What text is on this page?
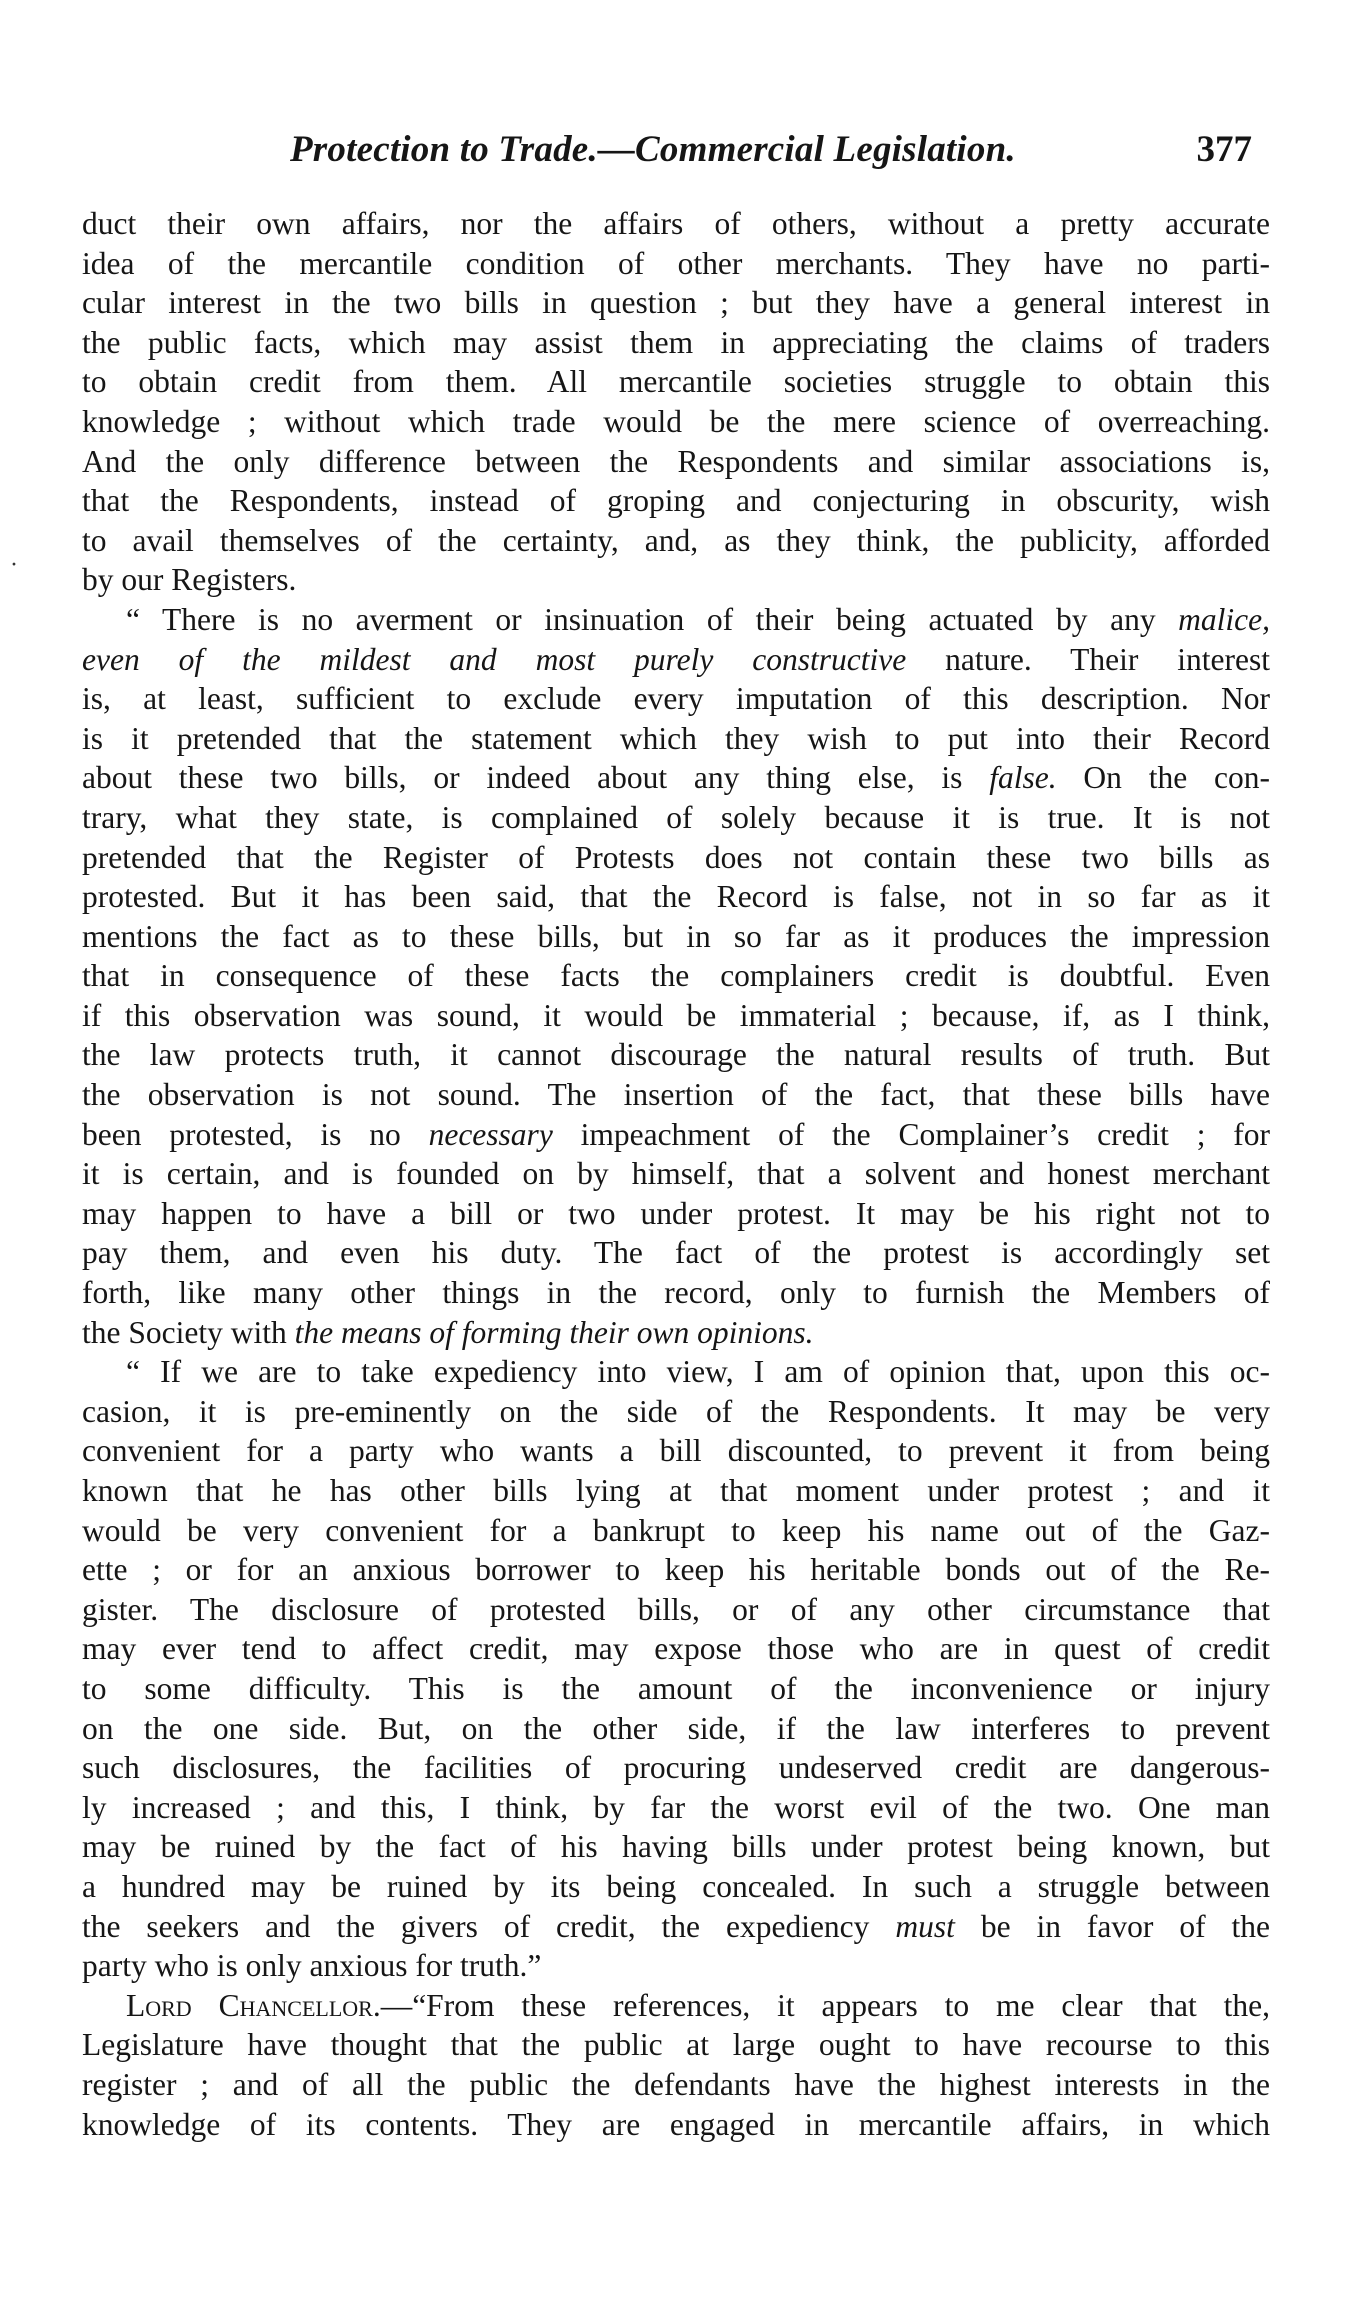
·
Protection to Trade.—Commercial Legislation.	377

duct their own affairs, nor the affairs of others, without a pretty accurate
idea of the mercantile condition of other merchants. They have no parti-
cular interest in the two bills in question ; but they have a general interest in
the public facts, which may assist them in appreciating the claims of traders
to obtain credit from them. All mercantile societies struggle to obtain this
knowledge ; without which trade would be the mere science of overreaching.
And the only difference between the Respondents and similar associations is,
that the Respondents, instead of groping and conjecturing in obscurity, wish
to avail themselves of the certainty, and, as they think, the publicity, afforded
by our Registers.

“ There is no averment or insinuation of their being actuated by any malice,
even of the mildest and most purely constructive nature. Their interest
is, at least, sufficient to exclude every imputation of this description. Nor
is it pretended that the statement which they wish to put into their Record
about these two bills, or indeed about any thing else, is false. On the con-
trary, what they state, is complained of solely because it is true. It is not
pretended that the Register of Protests does not contain these two bills as
protested. But it has been said, that the Record is false, not in so far as it
mentions the fact as to these bills, but in so far as it produces the impression
that in consequence of these facts the complainers credit is doubtful. Even
if this observation was sound, it would be immaterial ; because, if, as I think,
the law protects truth, it cannot discourage the natural results of truth. But
the observation is not sound. The insertion of the fact, that these bills have
been protested, is no necessary impeachment of the Complainer’s credit ; for
it is certain, and is founded on by himself, that a solvent and honest merchant
may happen to have a bill or two under protest. It may be his right not to
pay them, and even his duty. The fact of the protest is accordingly set
forth, like many other things in the record, only to furnish the Members of
the Society with the means of forming their own opinions.

“ If we are to take expediency into view, I am of opinion that, upon this oc-
casion, it is pre-eminently on the side of the Respondents. It may be very
convenient for a party who wants a bill discounted, to prevent it from being
known that he has other bills lying at that moment under protest ; and it
would be very convenient for a bankrupt to keep his name out of the Gaz-
ette ; or for an anxious borrower to keep his heritable bonds out of the Re-
gister. The disclosure of protested bills, or of any other circumstance that
may ever tend to affect credit, may expose those who are in quest of credit
to some difficulty. This is the amount of the inconvenience or injury
on the one side. But, on the other side, if the law interferes to prevent
such disclosures, the facilities of procuring undeserved credit are dangerous-
ly increased ; and this, I think, by far the worst evil of the two. One man
may be ruined by the fact of his having bills under protest being known, but
a hundred may be ruined by its being concealed. In such a struggle between
the seekers and the givers of credit, the expediency must be in favor of the
party who is only anxious for truth.”

Lord Chancellor.—“From these references, it appears to me clear that the,
Legislature have thought that the public at large ought to have recourse to this
register ; and of all the public the defendants have the highest interests in the
knowledge of its contents. They are engaged in mercantile affairs, in which
